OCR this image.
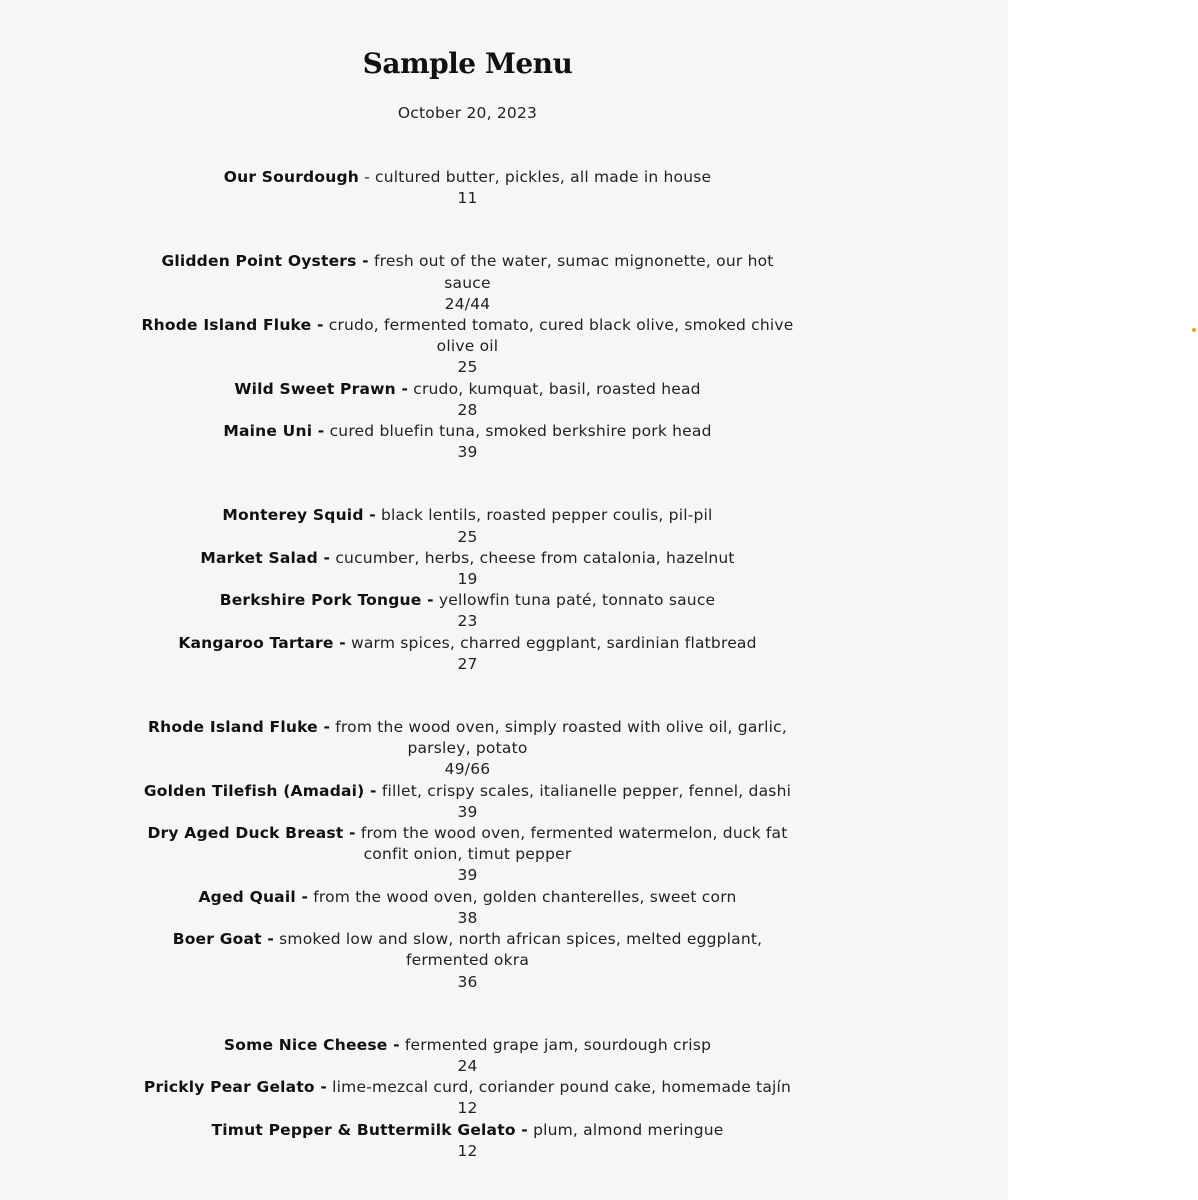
Sample Menu
October 20, 2023
Our Sourdough - cultured butter, pickles, all made in house
11
Glidden Point Oysters - fresh out of the water, sumac mignonette, our hot sauce
24/44
Rhode Island Fluke - crudo, fermented tomato, cured black olive, smoked chive olive oil
25
Wild Sweet Prawn - crudo, kumquat, basil, roasted head
28
Maine Uni - cured bluefin tuna, smoked berkshire pork head
39
Monterey Squid - black lentils, roasted pepper coulis, pil-pil
25
Market Salad - cucumber, herbs, cheese from catalonia, hazelnut
19
Berkshire Pork Tongue - yellowfin tuna paté, tonnato sauce
23
Kangaroo Tartare - warm spices, charred eggplant, sardinian flatbread
27
Rhode Island Fluke - from the wood oven, simply roasted with olive oil, garlic, parsley, potato
49/66
Golden Tilefish (Amadai) - fillet, crispy scales, italianelle pepper, fennel, dashi
39
Dry Aged Duck Breast - from the wood oven, fermented watermelon, duck fat confit onion, timut pepper
39
Aged Quail - from the wood oven, golden chanterelles, sweet corn
38
Boer Goat - smoked low and slow, north african spices, melted eggplant, fermented okra
36
Some Nice Cheese - fermented grape jam, sourdough crisp
24
Prickly Pear Gelato - lime-mezcal curd, coriander pound cake, homemade tajín
12
Timut Pepper & Buttermilk Gelato - plum, almond meringue
12
